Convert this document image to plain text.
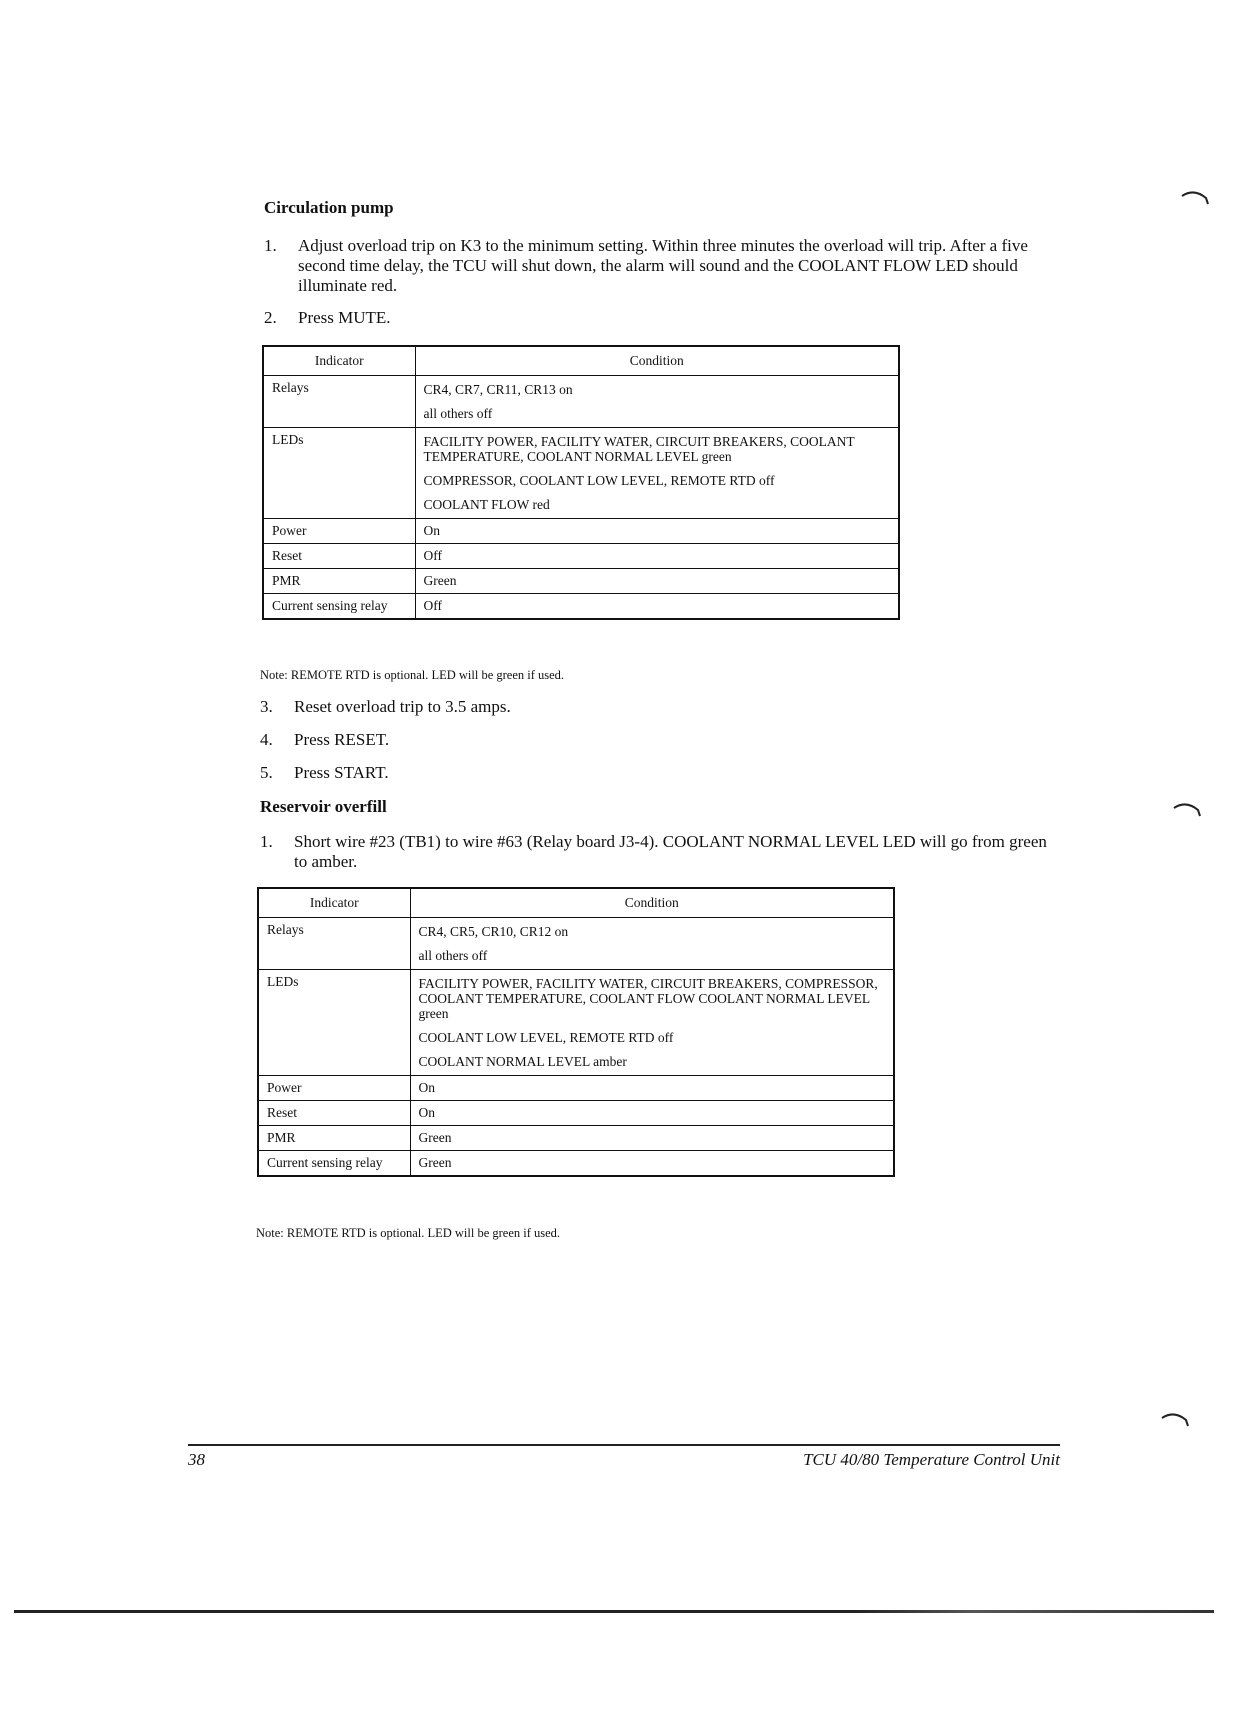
Circulation pump
1.	Adjust overload trip on K3 to the minimum setting. Within three minutes the overload will trip. After a five second time delay, the TCU will shut down, the alarm will sound and the COOLANT FLOW LED should illuminate red.
2.	Press MUTE.
Indicator	Condition
Relays	CR4, CR7, CR11, CR13 on
all others off

LEDs	FACILITY POWER, FACILITY WATER, CIRCUIT BREAKERS, COOLANT TEMPERATURE, COOLANT NORMAL LEVEL green
COMPRESSOR, COOLANT LOW LEVEL, REMOTE RTD off
COOLANT FLOW red

Power	On
Reset	Off
PMR	Green
Current sensing relay	Off

Note: REMOTE RTD is optional. LED will be green if used.

3.	Reset overload trip to 3.5 amps.
4.	Press RESET.
5.	Press START.
Reservoir overfill
1.	Short wire #23 (TB1) to wire #63 (Relay board J3-4). COOLANT NORMAL LEVEL LED will go from green to amber.
Indicator	Condition
Relays	CR4, CR5, CR10, CR12 on
all others off

LEDs	FACILITY POWER, FACILITY WATER, CIRCUIT BREAKERS, COMPRESSOR, COOLANT TEMPERATURE, COOLANT FLOW COOLANT NORMAL LEVEL green
COOLANT LOW LEVEL, REMOTE RTD off
COOLANT NORMAL LEVEL amber

Power	On
Reset	On
PMR	Green
Current sensing relay	Green

Note: REMOTE RTD is optional. LED will be green if used.

38	TCU 40/80 Temperature Control Unit
